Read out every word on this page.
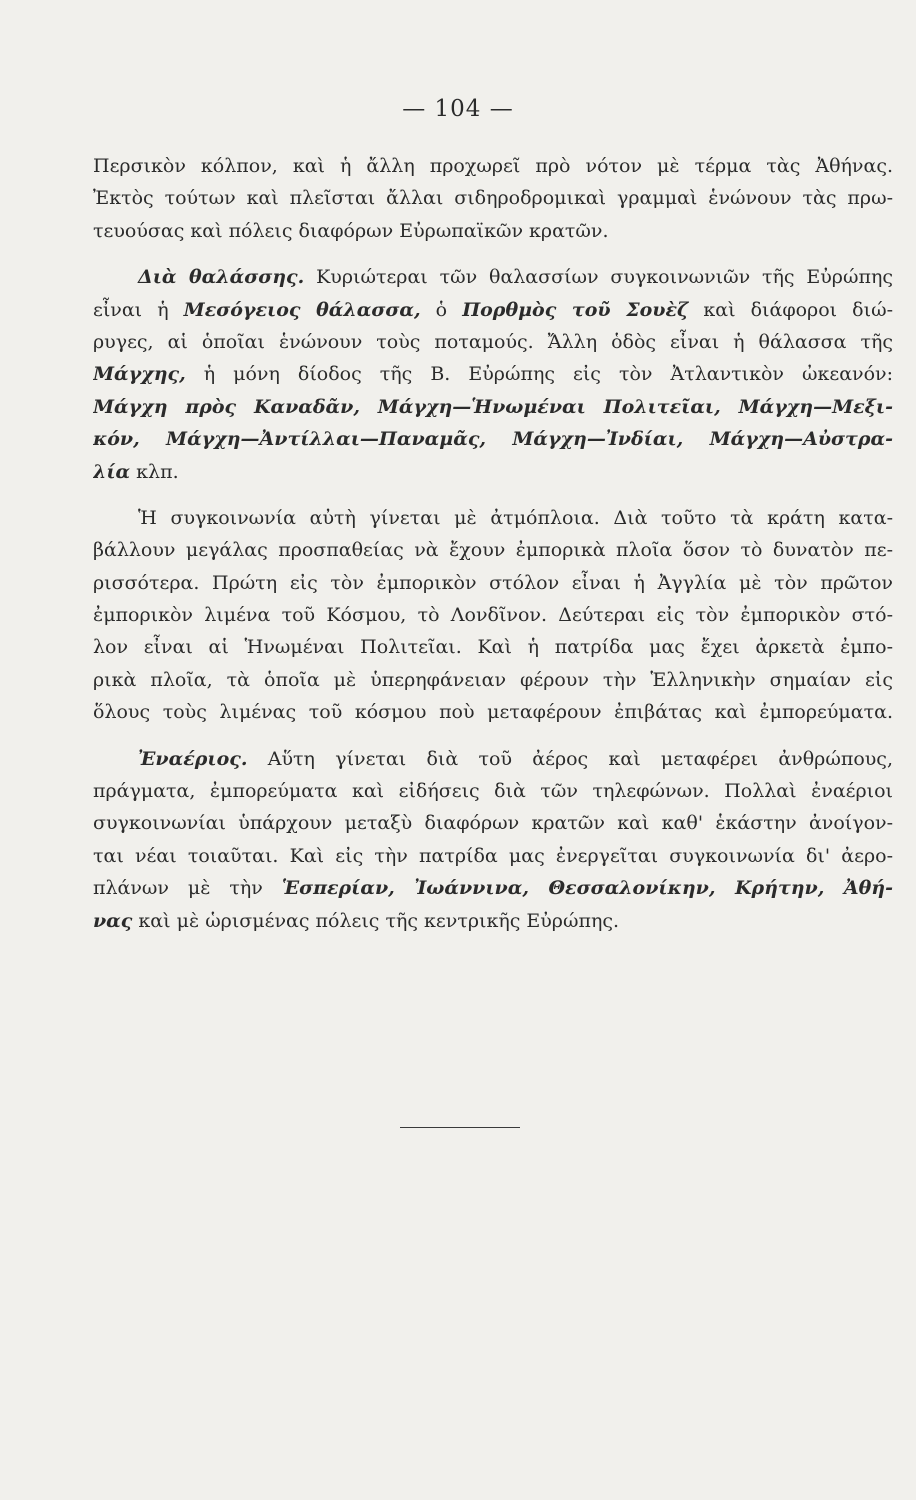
— 104 —
Περσικὸν κόλπον, καὶ ἡ ἄλλη προχωρεῖ πρὸ νότον μὲ τέρμα τὰς Ἀθήνας.
Ἐκτὸς τούτων καὶ πλεῖσται ἄλλαι σιδηροδρομικαὶ γραμμαὶ ἑνώνουν τὰς πρω-
τευούσας καὶ πόλεις διαφόρων Εὐρωπαϊκῶν κρατῶν.
Διὰ θαλάσσης. Κυριώτεραι τῶν θαλασσίων συγκοινωνιῶν τῆς Εὐρώπης
εἶναι ἡ Μεσόγειος θάλασσα, ὁ Πορθμὸς τοῦ Σουὲζ καὶ διάφοροι διώ-
ρυγες, αἱ ὁποῖαι ἑνώνουν τοὺς ποταμούς. Ἄλλη ὁδὸς εἶναι ἡ θάλασσα τῆς
Μάγχης, ἡ μόνη δίοδος τῆς Β. Εὐρώπης εἰς τὸν Ἀτλαντικὸν ὠκεανόν:
Μάγχη πρὸς Καναδᾶν, Μάγχη—Ἡνωμέναι Πολιτεῖαι, Μάγχη—Μεξι-
κόν, Μάγχη—Ἀντίλλαι—Παναμᾶς, Μάγχη—Ἰνδίαι, Μάγχη—Αὐστρα-
λία κλπ.
Ἡ συγκοινωνία αὐτὴ γίνεται μὲ ἀτμόπλοια. Διὰ τοῦτο τὰ κράτη κατα-
βάλλουν μεγάλας προσπαθείας νὰ ἔχουν ἐμπορικὰ πλοῖα ὅσον τὸ δυνατὸν πε-
ρισσότερα. Πρώτη εἰς τὸν ἐμπορικὸν στόλον εἶναι ἡ Ἀγγλία μὲ τὸν πρῶτον
ἐμπορικὸν λιμένα τοῦ Κόσμου, τὸ Λονδῖνον. Δεύτεραι εἰς τὸν ἐμπορικὸν στό-
λον εἶναι αἱ Ἡνωμέναι Πολιτεῖαι. Καὶ ἡ πατρίδα μας ἔχει ἀρκετὰ ἐμπο-
ρικὰ πλοῖα, τὰ ὁποῖα μὲ ὑπερηφάνειαν φέρουν τὴν Ἑλληνικὴν σημαίαν εἰς
ὅλους τοὺς λιμένας τοῦ κόσμου ποὺ μεταφέρουν ἐπιβάτας καὶ ἐμπορεύματα.
Ἐναέριος. Αὕτη γίνεται διὰ τοῦ ἀέρος καὶ μεταφέρει ἀνθρώπους,
πράγματα, ἐμπορεύματα καὶ εἰδήσεις διὰ τῶν τηλεφώνων. Πολλαὶ ἐναέριοι
συγκοινωνίαι ὑπάρχουν μεταξὺ διαφόρων κρατῶν καὶ καθ' ἑκάστην ἀνοίγον-
ται νέαι τοιαῦται. Καὶ εἰς τὴν πατρίδα μας ἐνεργεῖται συγκοινωνία δι' ἀερο-
πλάνων μὲ τὴν Ἑσπερίαν, Ἰωάννινα, Θεσσαλονίκην, Κρήτην, Ἀθή-
νας καὶ μὲ ὡρισμένας πόλεις τῆς κεντρικῆς Εὐρώπης.
